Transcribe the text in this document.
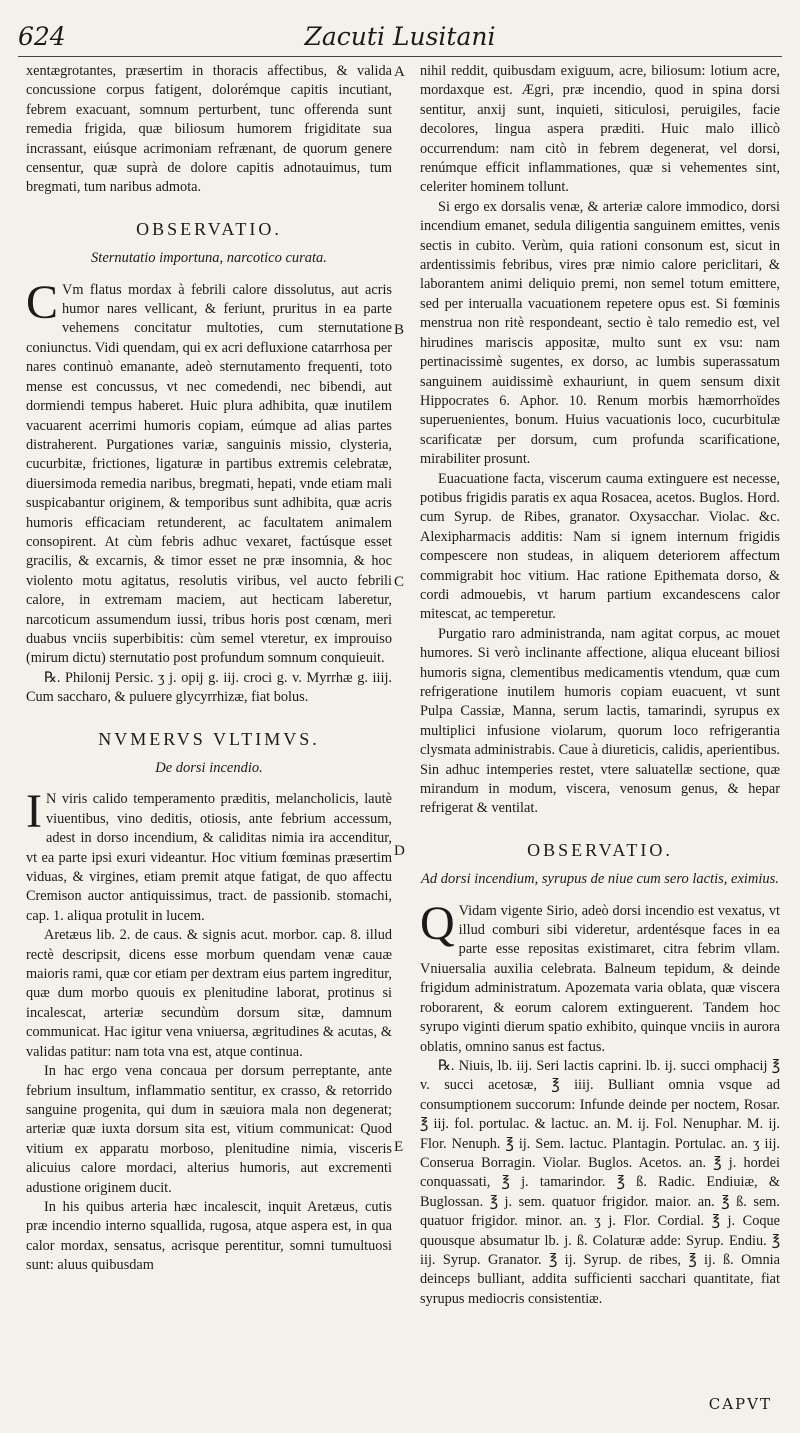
624	Zacuti Lusitani

xentægrotantes, præsertim in thoracis affectibus, & valida concussione corpus fatigent, dolorémque capitis incutiant, febrem exacuant, somnum perturbent, tunc offerenda sunt remedia frigida, quæ biliosum humorem frigiditate sua incrassant, eiúsque acrimoniam refrænant, de quorum genere censentur, quæ suprà de dolore capitis adnotauimus, tum bregmati, tum naribus admota.

OBSERVATIO.
Sternutatio importuna, narcotico curata.

C Vm flatus mordax à febrili calore dissolutus, aut acris humor nares vellicant, & feriunt, pruritus in ea parte vehemens concitatur multoties, cum sternutatione coniunctus. Vidi quendam, qui ex acri defluxione catarrhosa per nares continuò emanante, adeò sternutamento frequenti, toto mense est concussus, vt nec comedendi, nec bibendi, aut dormiendi tempus haberet. Huic plura adhibita, quæ inutilem vacuarent acerrimi humoris copiam, eúmque ad alias partes distraherent. Purgationes variæ, sanguinis missio, clysteria, cucurbitæ, frictiones, ligaturæ in partibus extremis celebratæ, diuersimoda remedia naribus, bregmati, hepati, vnde etiam mali suspicabantur originem, & temporibus sunt adhibita, quæ acris humoris efficaciam retunderent, ac facultatem animalem consopirent. At cùm febris adhuc vexaret, factúsque esset gracilis, & excarnis, & timor esset ne præ insomnia, & hoc violento motu agitatus, resolutis viribus, vel aucto febrili calore, in extremam maciem, aut hecticam laberetur, narcoticum assumendum iussi, tribus horis post cœnam, meri duabus vnciis superbibitis: cùm semel vteretur, ex improuiso (mirum dictu) sternutatio post profundum somnum conquieuit.

℞. Philonij Persic. ʒ j. opij g. iij. croci g. v. Myrrhæ g. iiij. Cum saccharo, & puluere glycyrrhizæ, fiat bolus.

NVMERVS VLTIMVS.
De dorsi incendio.

I N viris calido temperamento præditis, melancholicis, lautè viuentibus, vino deditis, otiosis, ante febrium accessum, adest in dorso incendium, & caliditas nimia ira accenditur, vt ea parte ipsi exuri videantur. Hoc vitium fœminas præsertim viduas, & virgines, etiam premit atque fatigat, de quo affectu Cremison auctor antiquissimus, tract. de passionib. stomachi, cap. 1. aliqua protulit in lucem.

Aretæus lib. 2. de caus. & signis acut. morbor. cap. 8. illud rectè descripsit, dicens esse morbum quendam venæ cauæ maioris rami, quæ cor etiam per dextram eius partem ingreditur, quæ dum morbo quouis ex plenitudine laborat, protinus si incalescat, arteriæ secundùm dorsum sitæ, damnum communicat. Hac igitur vena vniuersa, ægritudines & acutas, & validas patitur: nam tota vna est, atque continua.

In hac ergo vena concaua per dorsum perreptante, ante febrium insultum, inflammatio sentitur, ex crasso, & retorrido sanguine progenita, qui dum in sæuiora mala non degenerat; arteriæ quæ iuxta dorsum sita est, vitium communicat: Quod vitium ex apparatu morboso, plenitudine nimia, visceris alicuius calore mordaci, alterius humoris, aut excrementi adustione originem ducit.

In his quibus arteria hæc incalescit, inquit Aretæus, cutis præ incendio interno squallida, rugosa, atque aspera est, in qua calor mordax, sensatus, acrisque perentitur, somni tumultuosi sunt: aluus quibusdam

A
B
C
D
E

nihil reddit, quibusdam exiguum, acre, biliosum: lotium acre, mordaxque est. Ægri, præ incendio, quod in spina dorsi sentitur, anxij sunt, inquieti, siticulosi, peruigiles, facie decolores, lingua aspera præditi. Huic malo illicò occurrendum: nam citò in febrem degenerat, vel dorsi, renúmque efficit inflammationes, quæ si vehementes sint, celeriter hominem tollunt.

Si ergo ex dorsalis venæ, & arteriæ calore immodico, dorsi incendium emanet, sedula diligentia sanguinem emittes, venis sectis in cubito. Verùm, quia rationi consonum est, sicut in ardentissimis febribus, vires præ nimio calore periclitari, & laborantem animi deliquio premi, non semel totum emittere, sed per interualla vacuationem repetere opus est. Si fœminis menstrua non ritè respondeant, sectio è talo remedio est, vel hirudines mariscis appositæ, multo sunt ex vsu: nam pertinacissimè sugentes, ex dorso, ac lumbis superassatum sanguinem auidissimè exhauriunt, in quem sensum dixit Hippocrates 6. Aphor. 10. Renum morbis hæmorrhoïdes superuenientes, bonum. Huius vacuationis loco, cucurbitulæ scarificatæ per dorsum, cum profunda scarificatione, mirabiliter prosunt.

Euacuatione facta, viscerum cauma extinguere est necesse, potibus frigidis paratis ex aqua Rosacea, acetos. Buglos. Hord. cum Syrup. de Ribes, granator. Oxysacchar. Violac. &c. Alexipharmacis additis: Nam si ignem internum frigidis compescere non studeas, in aliquem deteriorem affectum commigrabit hoc vitium. Hac ratione Epithemata dorso, & cordi admouebis, vt harum partium excandescens calor mitescat, ac temperetur.

Purgatio raro administranda, nam agitat corpus, ac mouet humores. Si verò inclinante affectione, aliqua eluceant biliosi humoris signa, clementibus medicamentis vtendum, quæ cum refrigeratione inutilem humoris copiam euacuent, vt sunt Pulpa Cassiæ, Manna, serum lactis, tamarindi, syrupus ex multiplici infusione violarum, quorum loco refrigerantia clysmata administrabis. Caue à diureticis, calidis, aperientibus. Sin adhuc intemperies restet, vtere saluatellæ sectione, quæ mirandum in modum, viscera, venosum genus, & hepar refrigerat & ventilat.

OBSERVATIO.
Ad dorsi incendium, syrupus de niue cum sero lactis, eximius.

Q Vidam vigente Sirio, adeò dorsi incendio est vexatus, vt illud comburi sibi videretur, ardentésque faces in ea parte esse repositas existimaret, citra febrim vllam. Vniuersalia auxilia celebrata. Balneum tepidum, & deinde frigidum administratum. Apozemata varia oblata, quæ viscera roborarent, & eorum calorem extinguerent. Tandem hoc syrupo viginti dierum spatio exhibito, quinque vnciis in aurora oblatis, omnino sanus est factus.

℞. Niuis, lb. iij. Seri lactis caprini. lb. ij. succi omphacij ℥ v. succi acetosæ, ℥ iiij. Bulliant omnia vsque ad consumptionem succorum: Infunde deinde per noctem, Rosar. ℥ iij. fol. portulac. & lactuc. an. M. ij. Fol. Nenuphar. M. ij. Flor. Nenuph. ℥ ij. Sem. lactuc. Plantagin. Portulac. an. ʒ iij. Conserua Borragin. Violar. Buglos. Acetos. an. ℥ j. hordei conquassati, ℥ j. tamarindor. ℥ ß. Radic. Endiuiæ, & Buglossan. ℥ j. sem. quatuor frigidor. maior. an. ℥ ß. sem. quatuor frigidor. minor. an. ʒ j. Flor. Cordial. ℥ j. Coque quousque absumatur lb. j. ß. Colaturæ adde: Syrup. Endiu. ℥ iij. Syrup. Granator. ℥ ij. Syrup. de ribes, ℥ ij. ß. Omnia deinceps bulliant, addita sufficienti sacchari quantitate, fiat syrupus mediocris consistentiæ.

CAPVT
